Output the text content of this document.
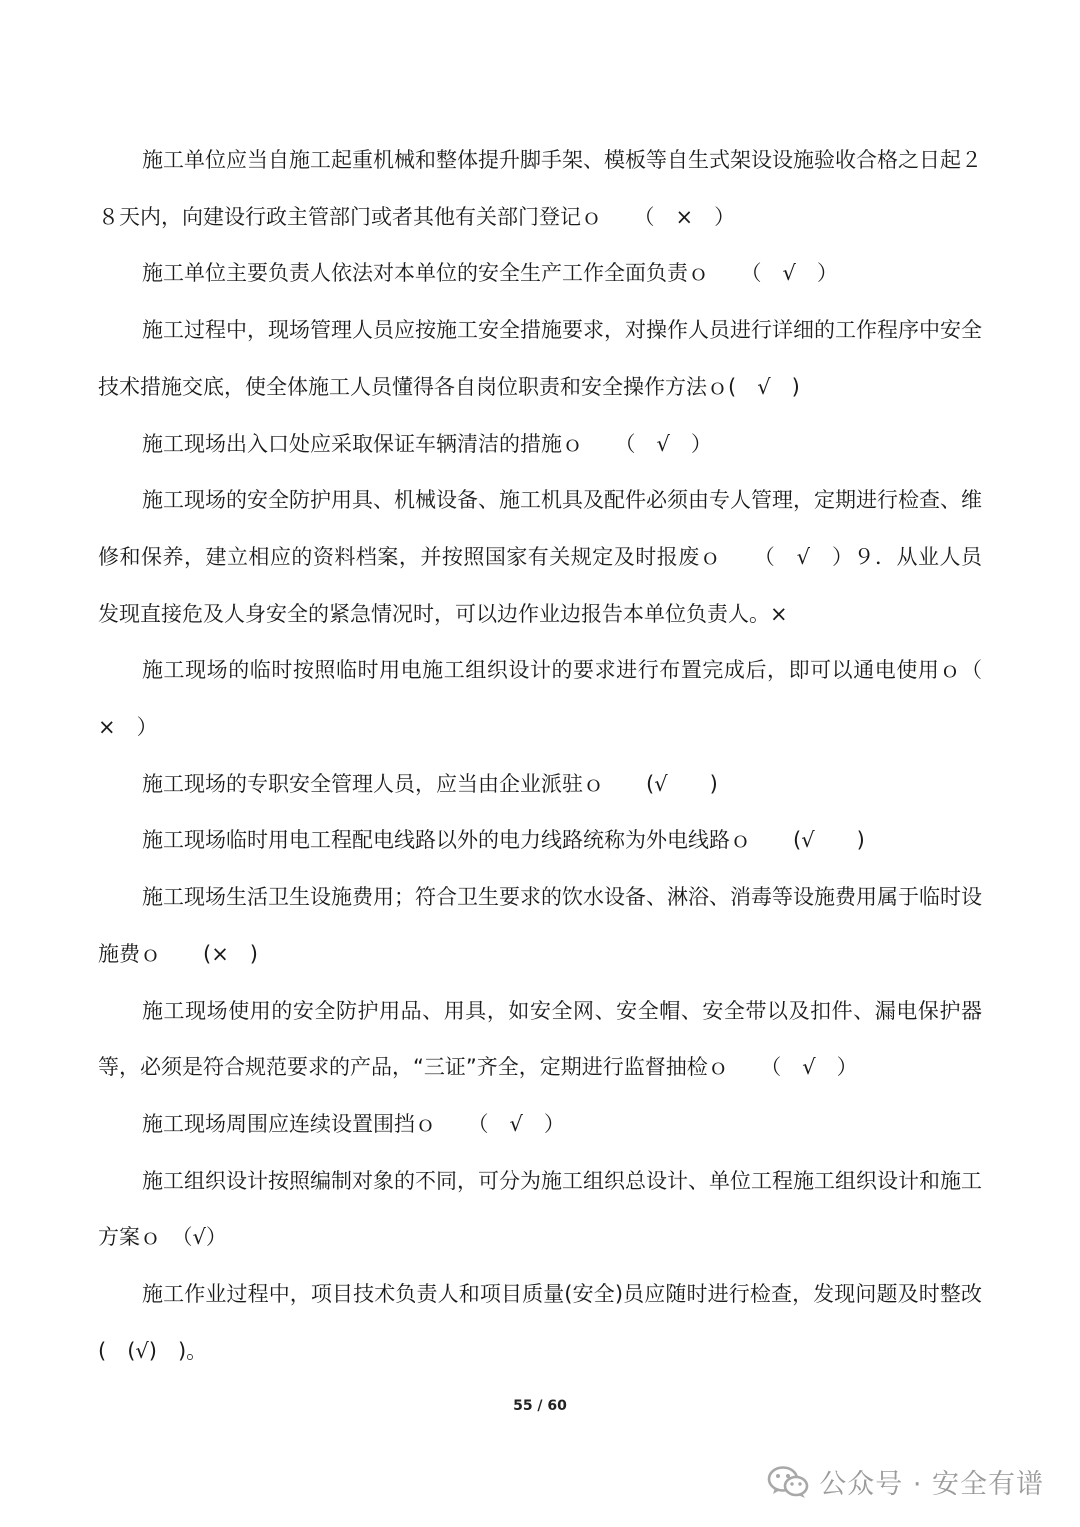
施工单位应当自施工起重机械和整体提升脚手架、模板等自生式架设设施验收合格之日起２８天内，向建设行政主管部门或者其他有关部门登记ｏ　　（　×　）

施工单位主要负责人依法对本单位的安全生产工作全面负责ｏ　　（　√　）

施工过程中，现场管理人员应按施工安全措施要求，对操作人员进行详细的工作程序中安全技术措施交底，使全体施工人员懂得各自岗位职责和安全操作方法ｏ(　√　)

施工现场出入口处应采取保证车辆清洁的措施ｏ　　（　√　）

施工现场的安全防护用具、机械设备、施工机具及配件必须由专人管理，定期进行检查、维修和保养，建立相应的资料档案，并按照国家有关规定及时报废ｏ　　（　√　）９．从业人员发现直接危及人身安全的紧急情况时，可以边作业边报告本单位负责人。×

施工现场的临时按照临时用电施工组织设计的要求进行布置完成后，即可以通电使用ｏ（　×　）

施工现场的专职安全管理人员，应当由企业派驻ｏ　　(√　　)

施工现场临时用电工程配电线路以外的电力线路统称为外电线路ｏ　　(√　　)

施工现场生活卫生设施费用；符合卫生要求的饮水设备、淋浴、消毒等设施费用属于临时设施费ｏ　　(×　)

施工现场使用的安全防护用品、用具，如安全网、安全帽、安全带以及扣件、漏电保护器等，必须是符合规范要求的产品，“三证”齐全，定期进行监督抽检ｏ　　（　√　）

施工现场周围应连续设置围挡ｏ　　（　√　）

施工组织设计按照编制对象的不同，可分为施工组织总设计、单位工程施工组织设计和施工方案ｏ　（√）

施工作业过程中，项目技术负责人和项目质量(安全)员应随时进行检查，发现问题及时整改(　(√)　)。

55 / 60
公众号 · 安全有谱
